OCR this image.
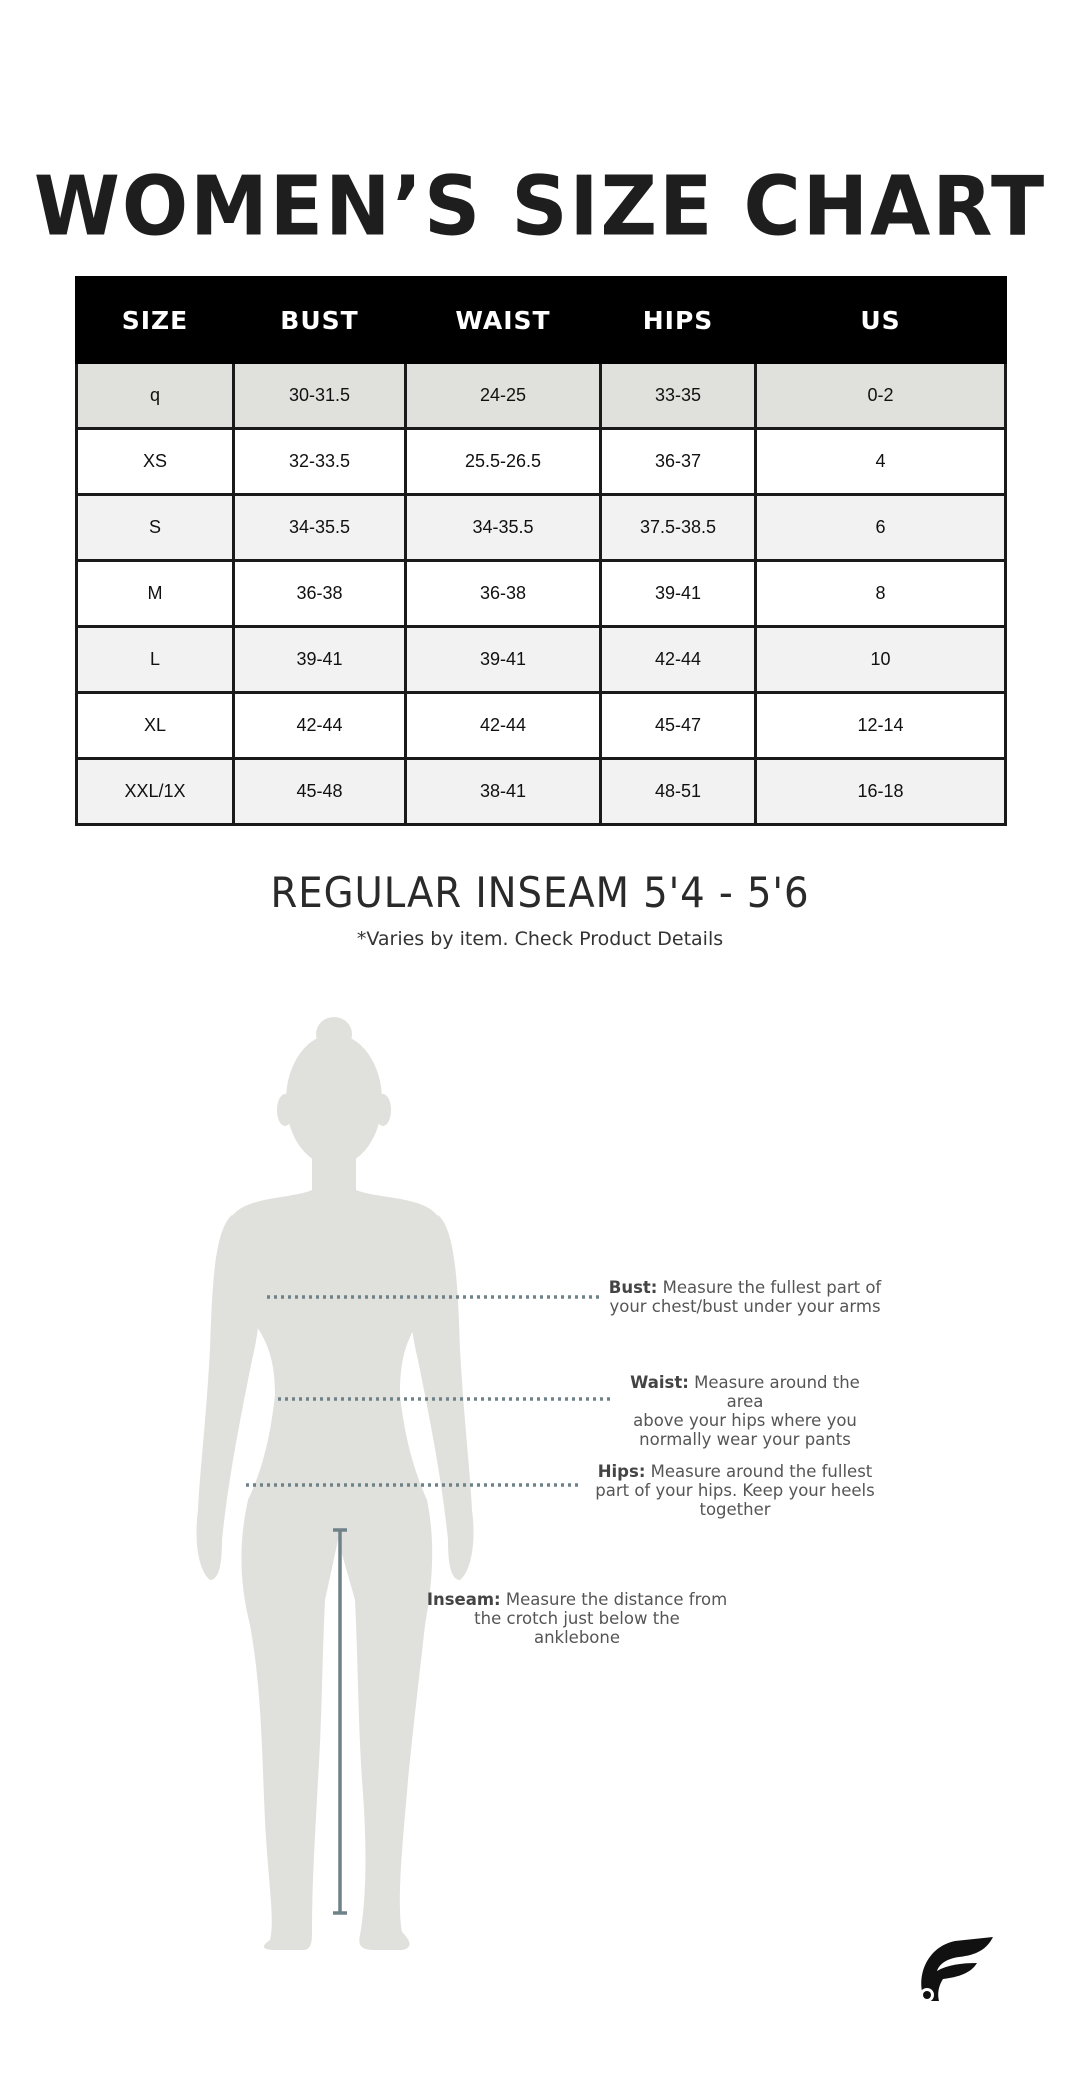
WOMEN’S SIZE CHART
SIZE	BUST	WAIST	HIPS	US
q	30-31.5	24-25	33-35	0-2
XS	32-33.5	25.5-26.5	36-37	4
S	34-35.5	34-35.5	37.5-38.5	6
M	36-38	36-38	39-41	8
L	39-41	39-41	42-44	10
XL	42-44	42-44	45-47	12-14
XXL/1X	45-48	38-41	48-51	16-18
REGULAR INSEAM 5'4 - 5'6
*Varies by item. Check Product Details
Bust: Measure the fullest part of
your chest/bust under your arms
Waist: Measure around the area
above your hips where you
normally wear your pants
Hips: Measure around the fullest
part of your hips. Keep your heels
together
Inseam: Measure the distance from
the crotch just below the
anklebone
